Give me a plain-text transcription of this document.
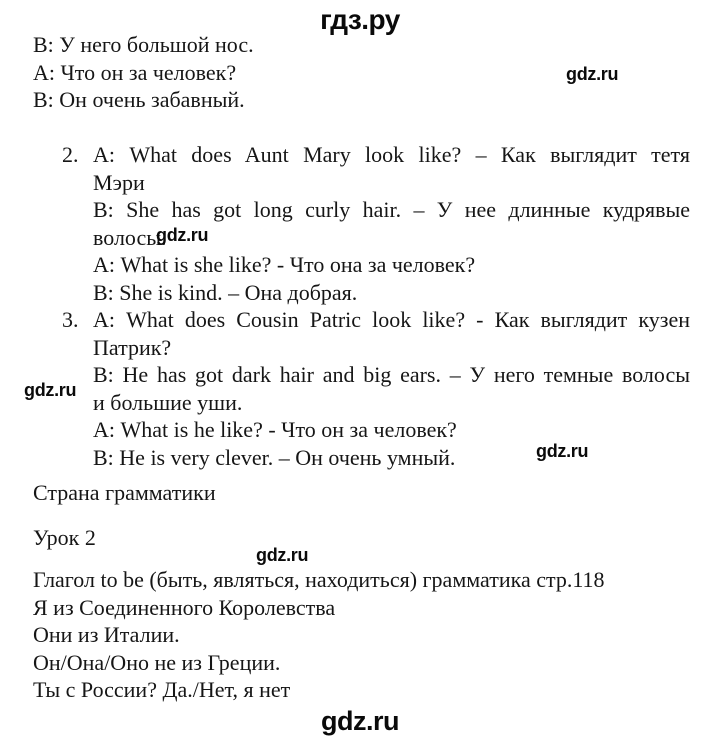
гдз.ру
В: У него большой нос.
А: Что он за человек?
В: Он очень забавный.
2. А: What does Aunt Mary look like? – Как выглядит тетя
Мэри
В: She has got long curly hair. – У нее длинные кудрявые
волосы.
А: What is she like? - Что она за человек?
В: She is kind. – Она добрая.
3. А: What does Cousin Patric look like? - Как выглядит кузен
Патрик?
В: He has got dark hair and big ears. – У него темные волосы
и большие уши.
А: What is he like? - Что он за человек?
В: He is very clever. – Он очень умный.
Страна грамматики
Урок 2
Глагол to be (быть, являться, находиться) грамматика стр.118
Я из Соединенного Королевства
Они из Италии.
Он/Она/Оно не из Греции.
Ты с России? Да./Нет, я нет
gdz.ru
gdz.ru
gdz.ru
gdz.ru
gdz.ru
gdz.ru
